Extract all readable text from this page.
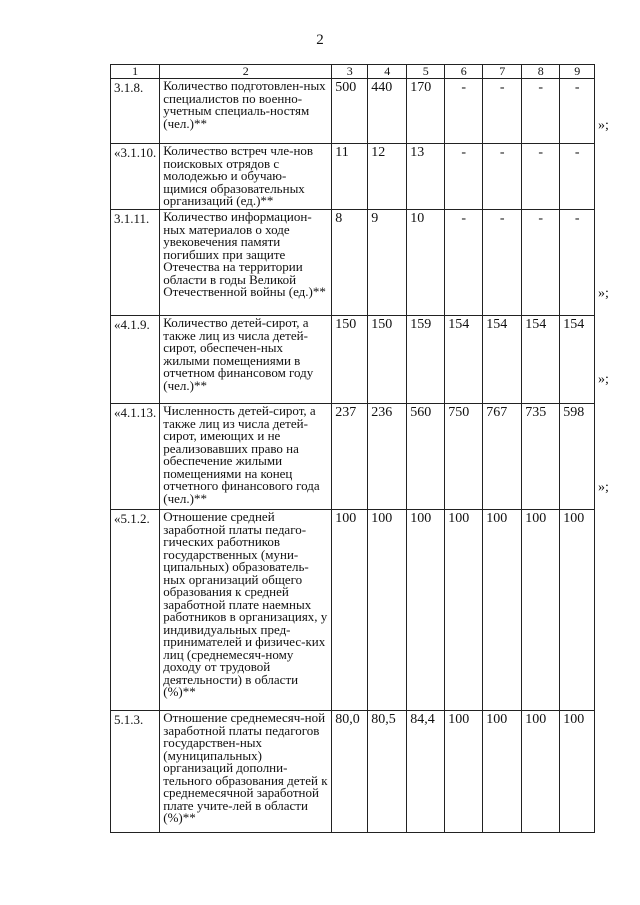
2
1	2	3	4	5	6	7	8	9
3.1.8.	Количество подготовлен-ных специалистов по военно-учетным специаль-ностям (чел.)**	500	440	170	-	-	-	-
«3.1.10.	Количество встреч чле-нов поисковых отрядов с молодежью и обучаю-щимися образовательных организаций (ед.)**	11	12	13	-	-	-	-
3.1.11.	Количество информацион-ных материалов о ходе увековечения памяти погибших при защите Отечества на территории области в годы Великой Отечественной войны (ед.)**	8	9	10	-	-	-	-
«4.1.9.	Количество детей-сирот, а также лиц из числа детей-сирот, обеспечен-ных жилыми помещениями в отчетном финансовом году (чел.)**	150	150	159	154	154	154	154
«4.1.13.	Численность детей-сирот, а также лиц из числа детей-сирот, имеющих и не реализовавших право на обеспечение жилыми помещениями на конец отчетного финансового года (чел.)**	237	236	560	750	767	735	598
«5.1.2.	Отношение средней заработной платы педаго-гических работников государственных (муни-ципальных) образователь-ных организаций общего образования к средней заработной плате наемных работников в организациях, у индивидуальных пред-принимателей и физичес-ких лиц (среднемесяч-ному доходу от трудовой деятельности) в области (%)**	100	100	100	100	100	100	100
5.1.3.	Отношение среднемесяч-ной заработной платы педагогов государствен-ных (муниципальных) организаций дополни-тельного образования детей к среднемесячной заработной плате учите-лей в области (%)**	80,0	80,5	84,4	100	100	100	100
»;
»;
»;
»;
